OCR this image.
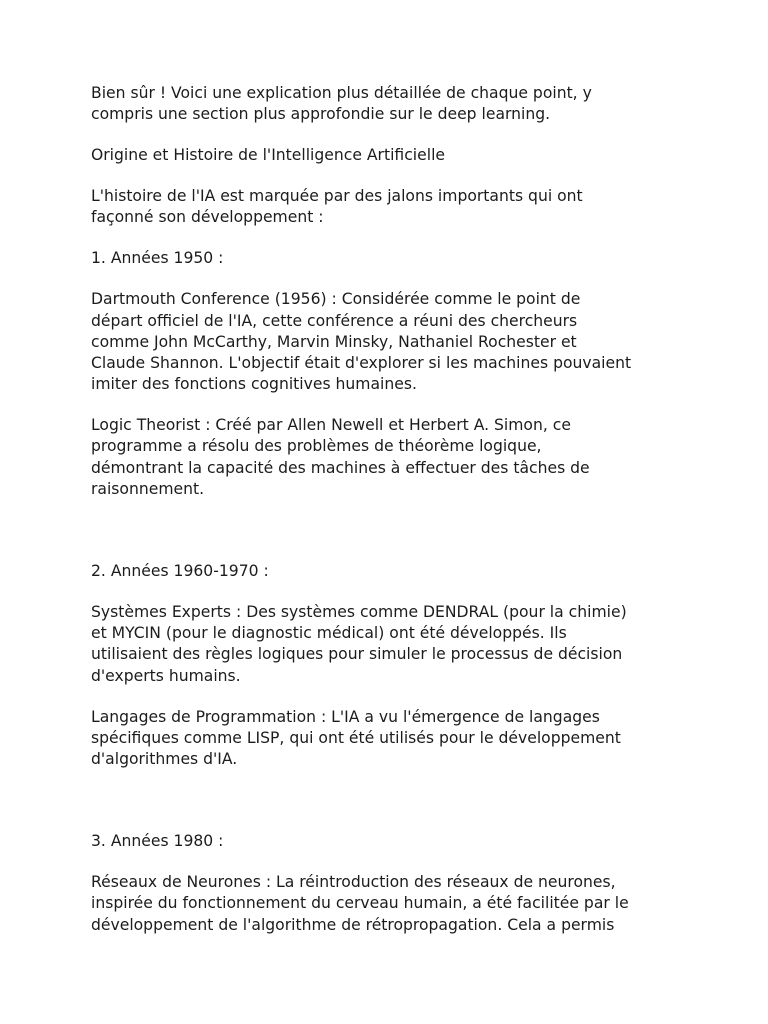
Bien sûr ! Voici une explication plus détaillée de chaque point, y
compris une section plus approfondie sur le deep learning.

Origine et Histoire de l'Intelligence Artificielle

L'histoire de l'IA est marquée par des jalons importants qui ont
façonné son développement :

1. Années 1950 :

Dartmouth Conference (1956) : Considérée comme le point de
départ officiel de l'IA, cette conférence a réuni des chercheurs
comme John McCarthy, Marvin Minsky, Nathaniel Rochester et
Claude Shannon. L'objectif était d'explorer si les machines pouvaient
imiter des fonctions cognitives humaines.

Logic Theorist : Créé par Allen Newell et Herbert A. Simon, ce
programme a résolu des problèmes de théorème logique,
démontrant la capacité des machines à effectuer des tâches de
raisonnement.

2. Années 1960-1970 :

Systèmes Experts : Des systèmes comme DENDRAL (pour la chimie)
et MYCIN (pour le diagnostic médical) ont été développés. Ils
utilisaient des règles logiques pour simuler le processus de décision
d'experts humains.

Langages de Programmation : L'IA a vu l'émergence de langages
spécifiques comme LISP, qui ont été utilisés pour le développement
d'algorithmes d'IA.

3. Années 1980 :

Réseaux de Neurones : La réintroduction des réseaux de neurones,
inspirée du fonctionnement du cerveau humain, a été facilitée par le
développement de l'algorithme de rétropropagation. Cela a permis
